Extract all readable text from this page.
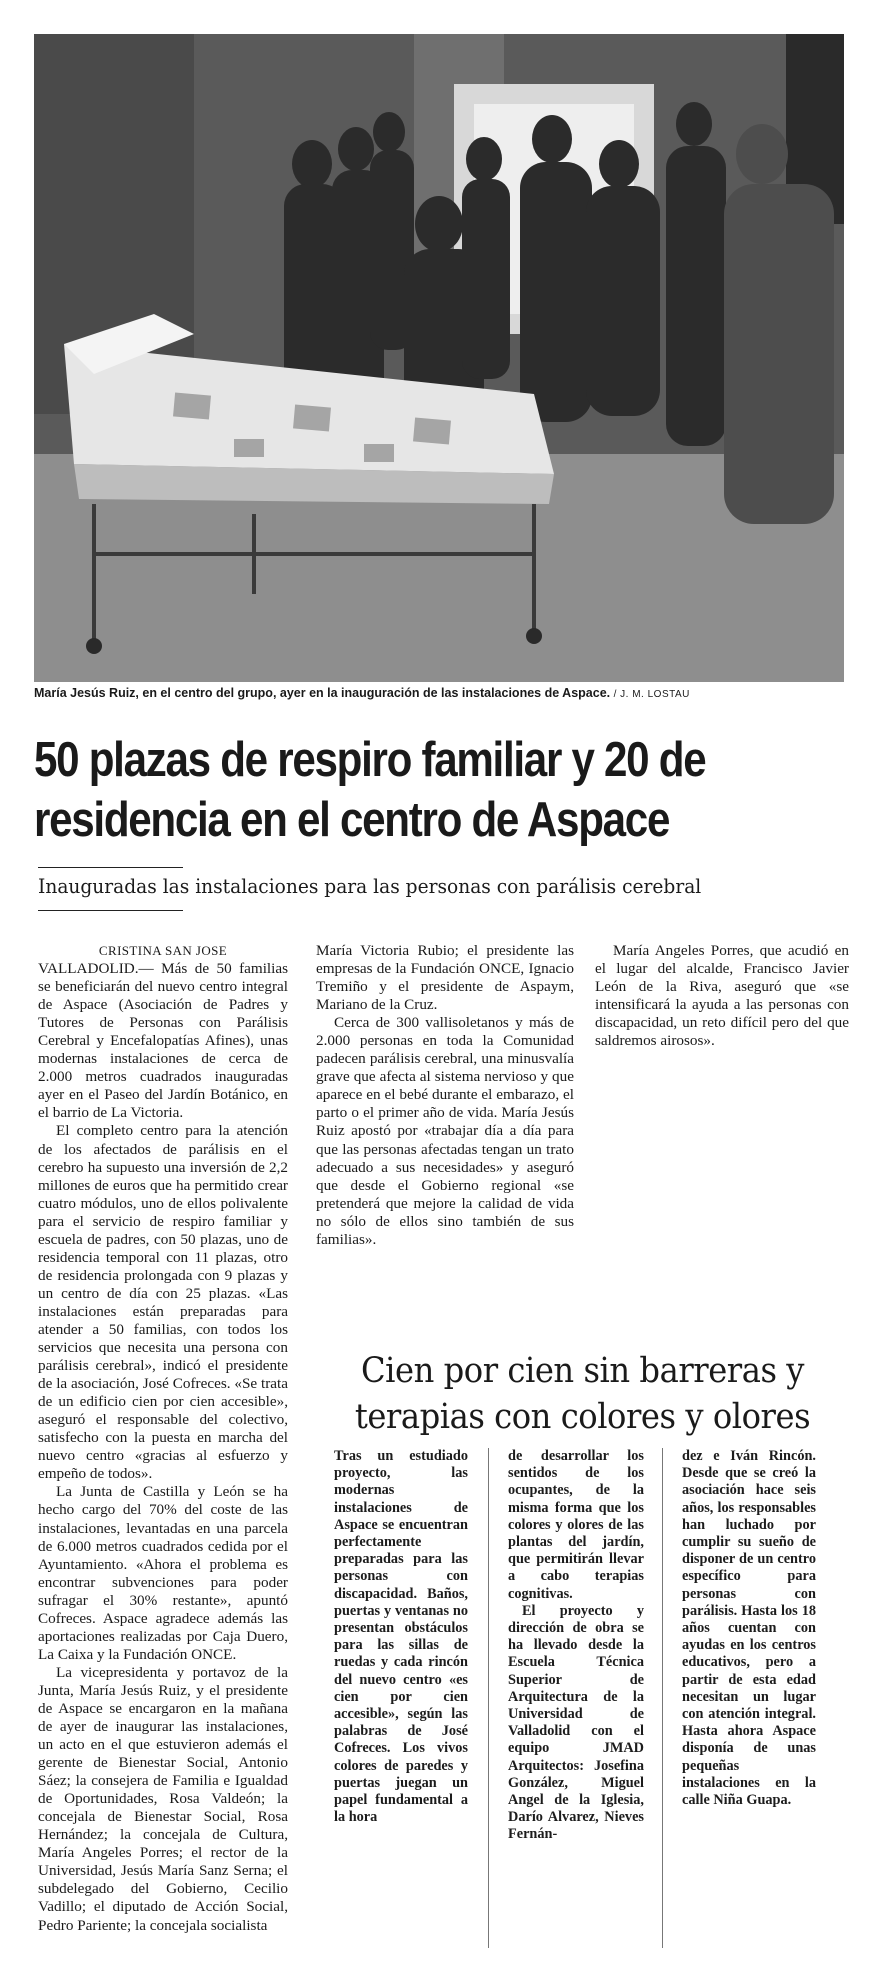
María Jesús Ruiz, en el centro del grupo, ayer en la inauguración de las instalaciones de Aspace. / J. M. LOSTAU
50 plazas de respiro familiar y 20 de
residencia en el centro de Aspace
Inauguradas las instalaciones para las personas con parálisis cerebral

CRISTINA SAN JOSE

VALLADOLID.— Más de 50 familias se beneficiarán del nuevo centro integral de Aspace (Asociación de Padres y Tutores de Personas con Parálisis Cerebral y Encefalopatías Afines), unas modernas instalaciones de cerca de 2.000 metros cuadrados inauguradas ayer en el Paseo del Jardín Botánico, en el barrio de La Victoria.

El completo centro para la atención de los afectados de parálisis en el cerebro ha supuesto una inversión de 2,2 millones de euros que ha permitido crear cuatro módulos, uno de ellos polivalente para el servicio de respiro familiar y escuela de padres, con 50 plazas, uno de residencia temporal con 11 plazas, otro de residencia prolongada con 9 plazas y un centro de día con 25 plazas. «Las instalaciones están preparadas para atender a 50 familias, con todos los servicios que necesita una persona con parálisis cerebral», indicó el presidente de la asociación, José Cofreces. «Se trata de un edificio cien por cien accesible», aseguró el responsable del colectivo, satisfecho con la puesta en marcha del nuevo centro «gracias al esfuerzo y empeño de todos».

La Junta de Castilla y León se ha hecho cargo del 70% del coste de las instalaciones, levantadas en una parcela de 6.000 metros cuadrados cedida por el Ayuntamiento. «Ahora el problema es encontrar subvenciones para poder sufragar el 30% restante», apuntó Cofreces. Aspace agradece además las aportaciones realizadas por Caja Duero, La Caixa y la Fundación ONCE.

La vicepresidenta y portavoz de la Junta, María Jesús Ruiz, y el presidente de Aspace se encargaron en la mañana de ayer de inaugurar las instalaciones, un acto en el que estuvieron además el gerente de Bienestar Social, Antonio Sáez; la consejera de Familia e Igualdad de Oportunidades, Rosa Valdeón; la concejala de Bienestar Social, Rosa Hernández; la concejala de Cultura, María Angeles Porres; el rector de la Universidad, Jesús María Sanz Serna; el subdelegado del Gobierno, Cecilio Vadillo; el diputado de Acción Social, Pedro Pariente; la concejala socialista

María Angeles Porres, que acudió en el lugar del alcalde, Francisco Javier León de la Riva, aseguró que «se intensificará la ayuda a las personas con discapacidad, un reto difícil pero del que saldremos airosos».

Cien por cien sin barreras y
terapias con colores y olores

Tras un estudiado proyecto, las modernas instalaciones de Aspace se encuentran perfectamente preparadas para las personas con discapacidad. Baños, puertas y ventanas no presentan obstáculos para las sillas de ruedas y cada rincón del nuevo centro «es cien por cien accesible», según las palabras de José Cofreces. Los vivos colores de paredes y puertas juegan un papel fundamental a la hora

de desarrollar los sentidos de los ocupantes, de la misma forma que los colores y olores de las plantas del jardín, que permitirán llevar a cabo terapias cognitivas.

El proyecto y dirección de obra se ha llevado desde la Escuela Técnica Superior de Arquitectura de la Universidad de Valladolid con el equipo JMAD Arquitectos: Josefina González, Miguel Angel de la Iglesia, Darío Alvarez, Nieves Fernán-

dez e Iván Rincón. Desde que se creó la asociación hace seis años, los responsables han luchado por cumplir su sueño de disponer de un centro específico para personas con parálisis. Hasta los 18 años cuentan con ayudas en los centros educativos, pero a partir de esta edad necesitan un lugar con atención integral. Hasta ahora Aspace disponía de unas pequeñas instalaciones en la calle Niña Guapa.

María Victoria Rubio; el presidente las empresas de la Fundación ONCE, Ignacio Tremiño y el presidente de Aspaym, Mariano de la Cruz.

Cerca de 300 vallisoletanos y más de 2.000 personas en toda la Comunidad padecen parálisis cerebral, una minusvalía grave que afecta al sistema nervioso y que aparece en el bebé durante el embarazo, el parto o el primer año de vida. María Jesús Ruiz apostó por «trabajar día a día para que las personas afectadas tengan un trato adecuado a sus necesidades» y aseguró que desde el Gobierno regional «se pretenderá que mejore la calidad de vida no sólo de ellos sino también de sus familias».
